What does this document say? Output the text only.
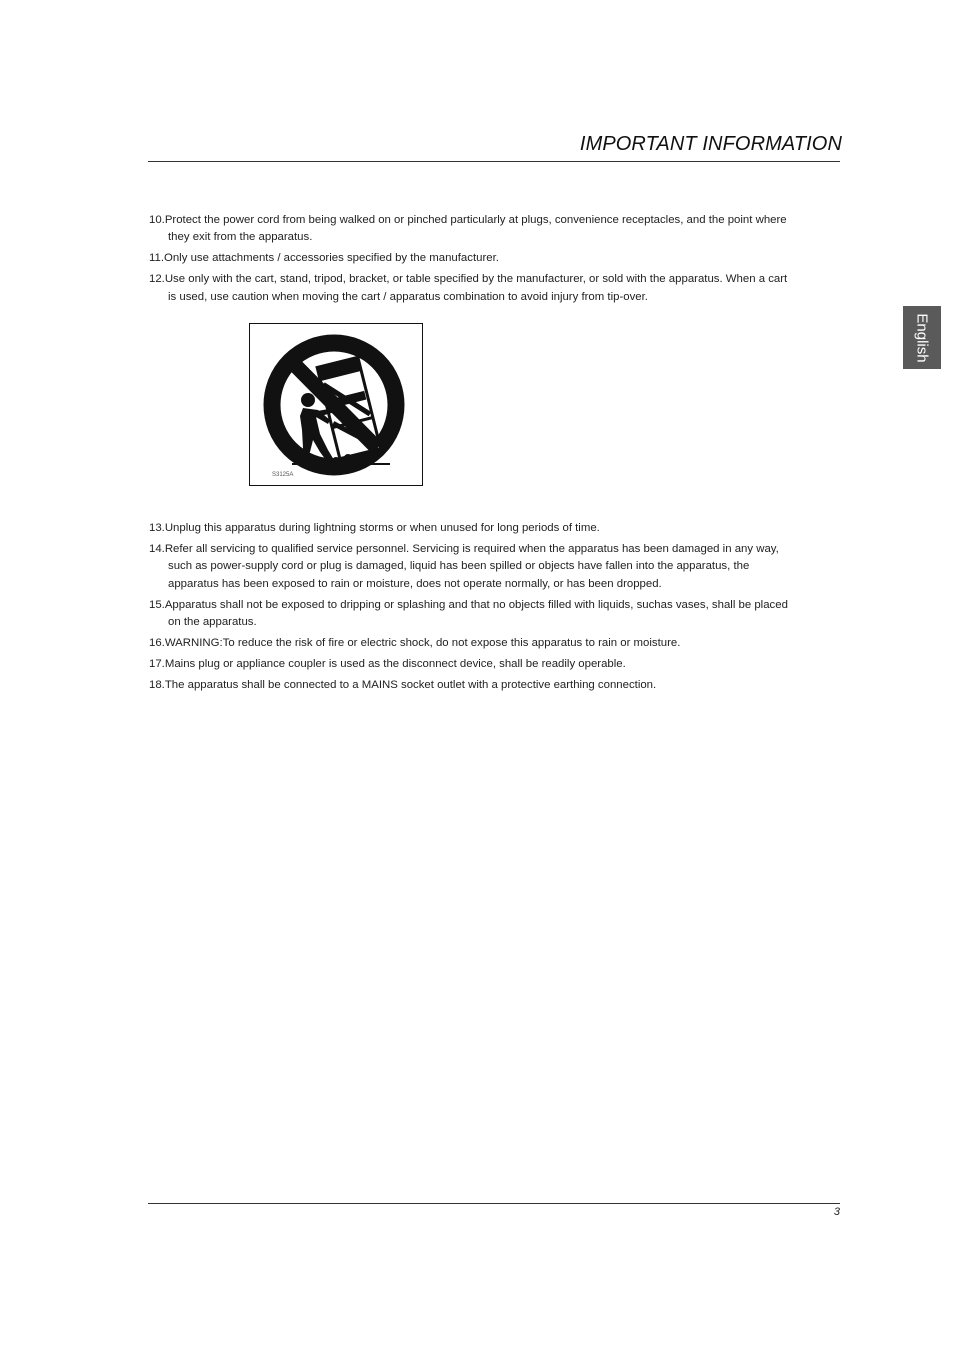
IMPORTANT INFORMATION
English
10.Protect the power cord from being walked on or pinched particularly at plugs, convenience receptacles, and the point where they exit from the apparatus.
11.Only use attachments / accessories specified by the manufacturer.
12.Use only with the cart, stand, tripod, bracket, or table specified by the manufacturer, or sold with the apparatus. When a cart is used, use caution when moving the cart / apparatus combination to avoid injury from tip-over.
S3125A
13.Unplug this apparatus during lightning storms or when unused for long periods of time.
14.Refer all servicing to qualified service personnel. Servicing is required when the apparatus has been damaged in any way, such as power-supply cord or plug is damaged, liquid has been spilled or objects have fallen into the apparatus, the apparatus has been exposed to rain or moisture, does not operate normally, or has been dropped.
15.Apparatus shall not be exposed to dripping or splashing and that no objects filled with liquids, suchas vases, shall be placed on the apparatus.
16.WARNING:To reduce the risk of fire or electric shock, do not expose this apparatus to rain or moisture.
17.Mains plug or appliance coupler is used as the disconnect device, shall be readily operable.
18.The apparatus shall be connected to a MAINS socket outlet with a protective earthing connection.
3
